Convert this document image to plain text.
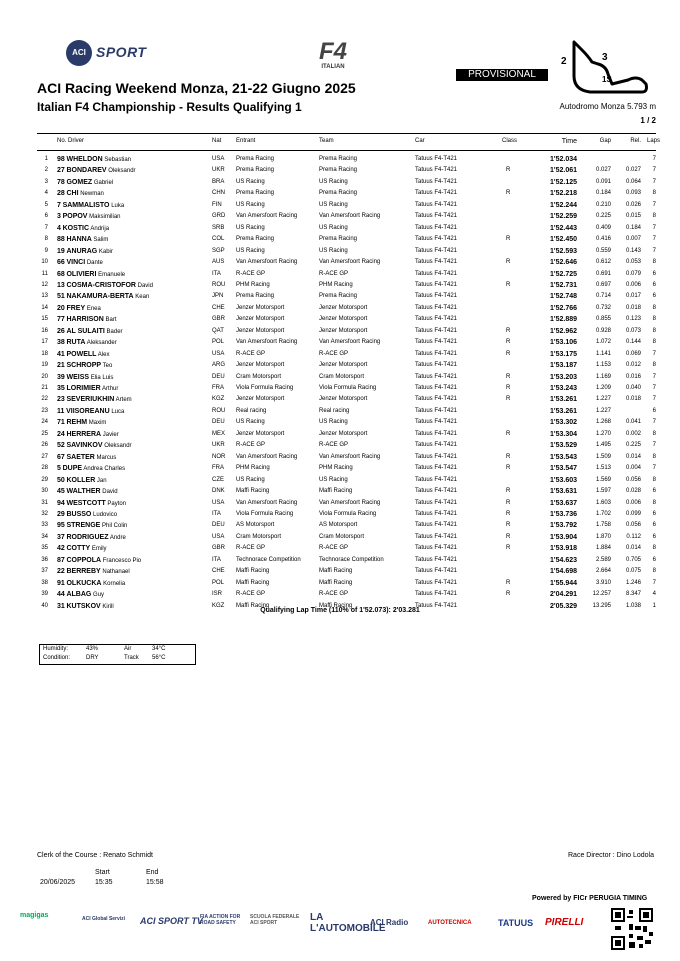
ACI SPORT	F4
ITALIAN
PROVISIONAL
2	3
1S
ACI Racing Weekend Monza, 21-22 Giugno 2025
Italian F4 Championship - Results Qualifying 1	Autodromo Monza 5.793 m
1 / 2
No. Driver	Nat Entrant	Team	Car	Class	Time	Gap	Rel. Laps
1 98 WHELDON Sebastian	USA Prema Racing	Prema Racing	Tatuus F4-T421	1'52.034	7
2 27 BONDAREV Oleksandr	UKR Prema Racing	Prema Racing	Tatuus F4-T421	R	1'52.061	0.027	0.027	7
3 78 GOMEZ Gabriel	BRA US Racing	US Racing	Tatuus F4-T421	1'52.125	0.091	0.064	7
4 28 CHI Newman	CHN Prema Racing	Prema Racing	Tatuus F4-T421	R	1'52.218	0.184	0.093	8
5 7 SAMMALISTO Luka	FIN US Racing	US Racing	Tatuus F4-T421	1'52.244	0.210	0.026	7
6 3 POPOV Maksimilian	GRD Van Amersfoort Racing	Van Amersfoort Racing	Tatuus F4-T421	1'52.259	0.225	0.015	8
7 4 KOSTIC Andrija	SRB US Racing	US Racing	Tatuus F4-T421	1'52.443	0.409	0.184	7
8 88 HANNA Salim	COL Prema Racing	Prema Racing	Tatuus F4-T421	R	1'52.450	0.416	0.007	7
9 19 ANURAG Kabir	SGP US Racing	US Racing	Tatuus F4-T421	1'52.593	0.559	0.143	7
10 66 VINCI Dante	AUS Van Amersfoort Racing	Van Amersfoort Racing	Tatuus F4-T421	R	1'52.646	0.612	0.053	8
11 68 OLIVIERI Emanuele	ITA	R-ACE GP	R-ACE GP	Tatuus F4-T421	1'52.725	0.691	0.079	6
12 13 COSMA-CRISTOFOR David	ROU PHM Racing	PHM Racing	Tatuus F4-T421	R	1'52.731	0.697	0.006	6
13 51 NAKAMURA-BERTA Kean	JPN Prema Racing	Prema Racing	Tatuus F4-T421	1'52.748	0.714	0.017	6
14 20 FREY Enea	CHE Jenzer Motorsport	Jenzer Motorsport	Tatuus F4-T421	1'52.766	0.732	0.018	8
15 77 HARRISON Bart	GBR Jenzer Motorsport	Jenzer Motorsport	Tatuus F4-T421	1'52.889	0.855	0.123	8
16 26 AL SULAITI Bader	QAT Jenzer Motorsport	Jenzer Motorsport	Tatuus F4-T421	R	1'52.962	0.928	0.073	8
17 38 RUTA Aleksander	POL Van Amersfoort Racing	Van Amersfoort Racing	Tatuus F4-T421	R	1'53.106	1.072	0.144	8
18 41 POWELL Alex	USA R-ACE GP	R-ACE GP	Tatuus F4-T421	R	1'53.175	1.141	0.069	7
19 21 SCHROPP Teo	ARG Jenzer Motorsport	Jenzer Motorsport	Tatuus F4-T421	1'53.187	1.153	0.012	8
20 39 WEISS Elia Luis	DEU Cram Motorsport	Cram Motorsport	Tatuus F4-T421	R	1'53.203	1.169	0.016	7
21 35 LORIMIER Arthur	FRA Viola Formula Racing	Viola Formula Racing	Tatuus F4-T421	R	1'53.243	1.209	0.040	7
22 23 SEVERIUKHIN Artem	KGZ Jenzer Motorsport	Jenzer Motorsport	Tatuus F4-T421	R	1'53.261	1.227	0.018	7
23 11 VIISOREANU Luca	ROU Real racing	Real racing	Tatuus F4-T421	1'53.261	1.227	6
24 71 REHM Maxim	DEU US Racing	US Racing	Tatuus F4-T421	1'53.302	1.268	0.041	7
25 24 HERRERA Javier	MEX Jenzer Motorsport	Jenzer Motorsport	Tatuus F4-T421	R	1'53.304	1.270	0.002	8
26 52 SAVINKOV Oleksandr	UKR R-ACE GP	R-ACE GP	Tatuus F4-T421	1'53.529	1.495	0.225	7
27 67 SAETER Marcus	NOR Van Amersfoort Racing	Van Amersfoort Racing	Tatuus F4-T421	R	1'53.543	1.509	0.014	8
28 5 DUPE Andrea Charles	FRA PHM Racing	PHM Racing	Tatuus F4-T421	R	1'53.547	1.513	0.004	7
29 50 KOLLER Jan	CZE US Racing	US Racing	Tatuus F4-T421	1'53.603	1.569	0.056	8
30 45 WALTHER David	DNK Maffi Racing	Maffi Racing	Tatuus F4-T421	R	1'53.631	1.597	0.028	6
31 94 WESTCOTT Payton	USA Van Amersfoort Racing	Van Amersfoort Racing	Tatuus F4-T421	R	1'53.637	1.603	0.006	8
32 29 BUSSO Ludovico	ITA	Viola Formula Racing	Viola Formula Racing	Tatuus F4-T421	R	1'53.736	1.702	0.099	6
33 95 STRENGE Phil Colin	DEU AS Motorsport	AS Motorsport	Tatuus F4-T421	R	1'53.792	1.758	0.056	6
34 37 RODRIGUEZ Andre	USA Cram Motorsport	Cram Motorsport	Tatuus F4-T421	R	1'53.904	1.870	0.112	6
35 42 COTTY Emily	GBR R-ACE GP	R-ACE GP	Tatuus F4-T421	R	1'53.918	1.884	0.014	8
36 87 COPPOLA Francesco Pio	ITA	Technorace Competition	Technorace Competition	Tatuus F4-T421	1'54.623	2.589	0.705	6
37 22 BERREBY Nathanael	CHE Maffi Racing	Maffi Racing	Tatuus F4-T421	1'54.698	2.664	0.075	8
38 91 OLKUCKA Kornelia	POL Maffi Racing	Maffi Racing	Tatuus F4-T421	R	1'55.944	3.910	1.246	7
39 44 ALBAG Guy	ISR R-ACE GP	R-ACE GP	Tatuus F4-T421	R	2'04.291	12.257	8.347	4
40 31 KUTSKOV Kirill	KGZ Maffi Racing	Maffi Racing	Tatuus F4-T421	2'05.329	13.295	1.038	1
Qualifying Lap Time (110% of 1'52.073): 2'03.281
Humidity:	43%	Air	34°C
Condition:	DRY	Track 56°C
Clerk of the Course : Renato Schmidt	Race Director : Dino Lodola
Start	End
20/06/2025	15:35	15:58
Powered by FICr PERUGIA TIMING
magigas	ACI Global Servizi ACI SPORT TV
FIA ACTION FOR ROAD SAFETY
SCUOLA FEDERALE ACI SPORT	LA L'AUTOMOBILE
ACI Radio	AUTOTECNICA	TATUUS PIRELLI
